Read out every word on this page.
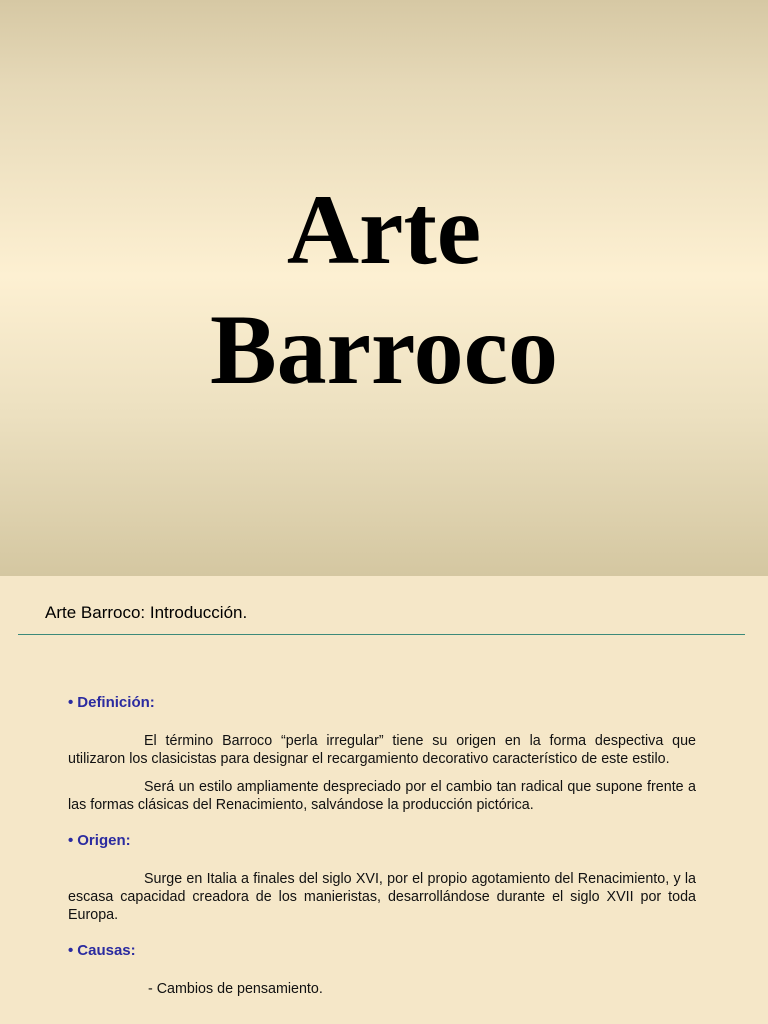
Arte
Barroco
Arte Barroco: Introducción.
• Definición:

El término Barroco “perla irregular” tiene su origen en la forma despectiva que utilizaron los clasicistas para designar el recargamiento decorativo característico de este estilo.

Será un estilo ampliamente despreciado por el cambio tan radical que supone frente a las formas clásicas del Renacimiento, salvándose la producción pictórica.

• Origen:

Surge en Italia a finales del siglo XVI, por el propio agotamiento del Renacimiento, y la escasa capacidad creadora de los manieristas, desarrollándose durante el siglo XVII por toda Europa.

• Causas:

- Cambios de pensamiento.
